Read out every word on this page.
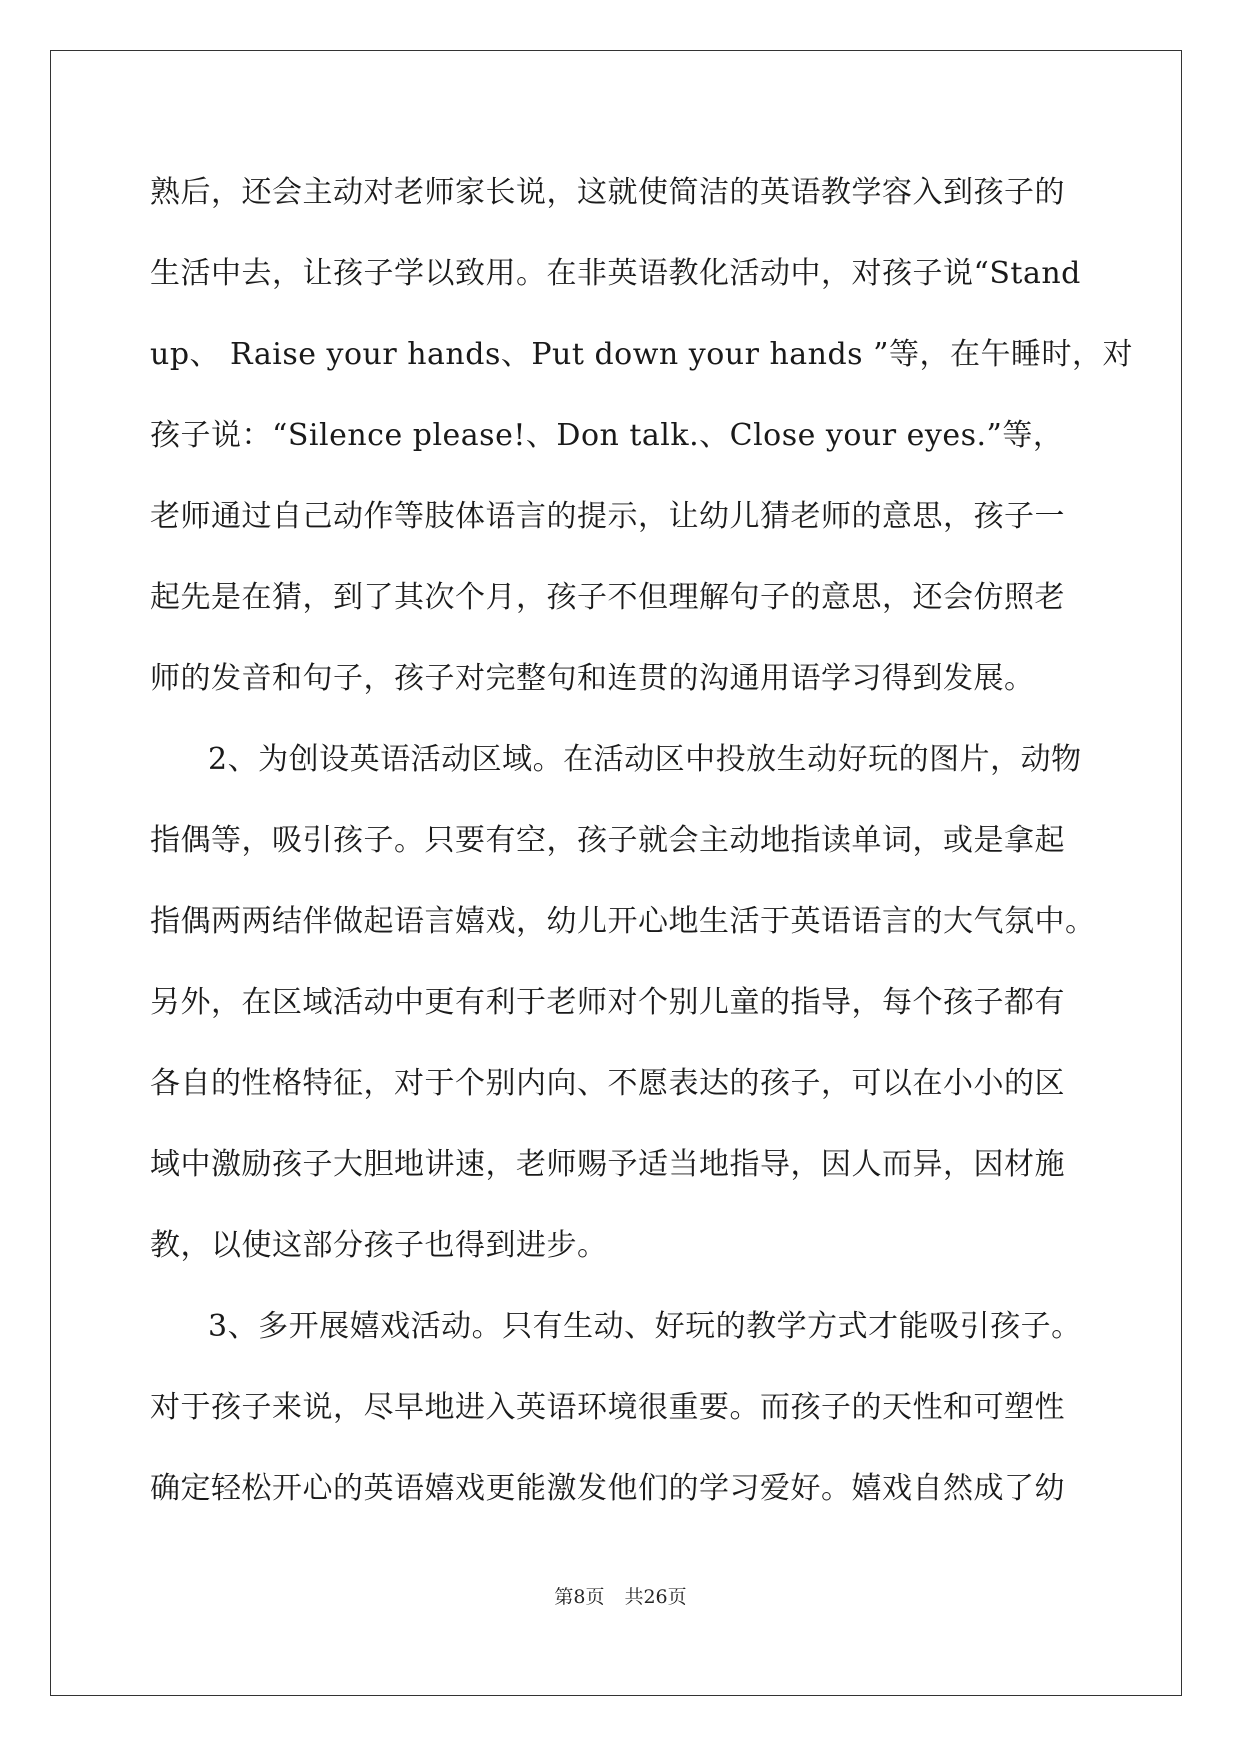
熟后，还会主动对老师家长说，这就使简洁的英语教学容入到孩子的
生活中去，让孩子学以致用。在非英语教化活动中，对孩子说“Stand
up、 Raise your hands、Put down your hands ”等，在午睡时，对
孩子说：“Silence please!、Don talk.、Close your eyes.”等，
老师通过自己动作等肢体语言的提示，让幼儿猜老师的意思，孩子一
起先是在猜，到了其次个月，孩子不但理解句子的意思，还会仿照老
师的发音和句子，孩子对完整句和连贯的沟通用语学习得到发展。
2、为创设英语活动区域。在活动区中投放生动好玩的图片，动物
指偶等，吸引孩子。只要有空，孩子就会主动地指读单词，或是拿起
指偶两两结伴做起语言嬉戏，幼儿开心地生活于英语语言的大气氛中。
另外，在区域活动中更有利于老师对个别儿童的指导，每个孩子都有
各自的性格特征，对于个别内向、不愿表达的孩子，可以在小小的区
域中激励孩子大胆地讲速，老师赐予适当地指导，因人而异，因材施
教，以使这部分孩子也得到进步。
3、多开展嬉戏活动。只有生动、好玩的教学方式才能吸引孩子。
对于孩子来说，尽早地进入英语环境很重要。而孩子的天性和可塑性
确定轻松开心的英语嬉戏更能激发他们的学习爱好。嬉戏自然成了幼
第8页 共26页
